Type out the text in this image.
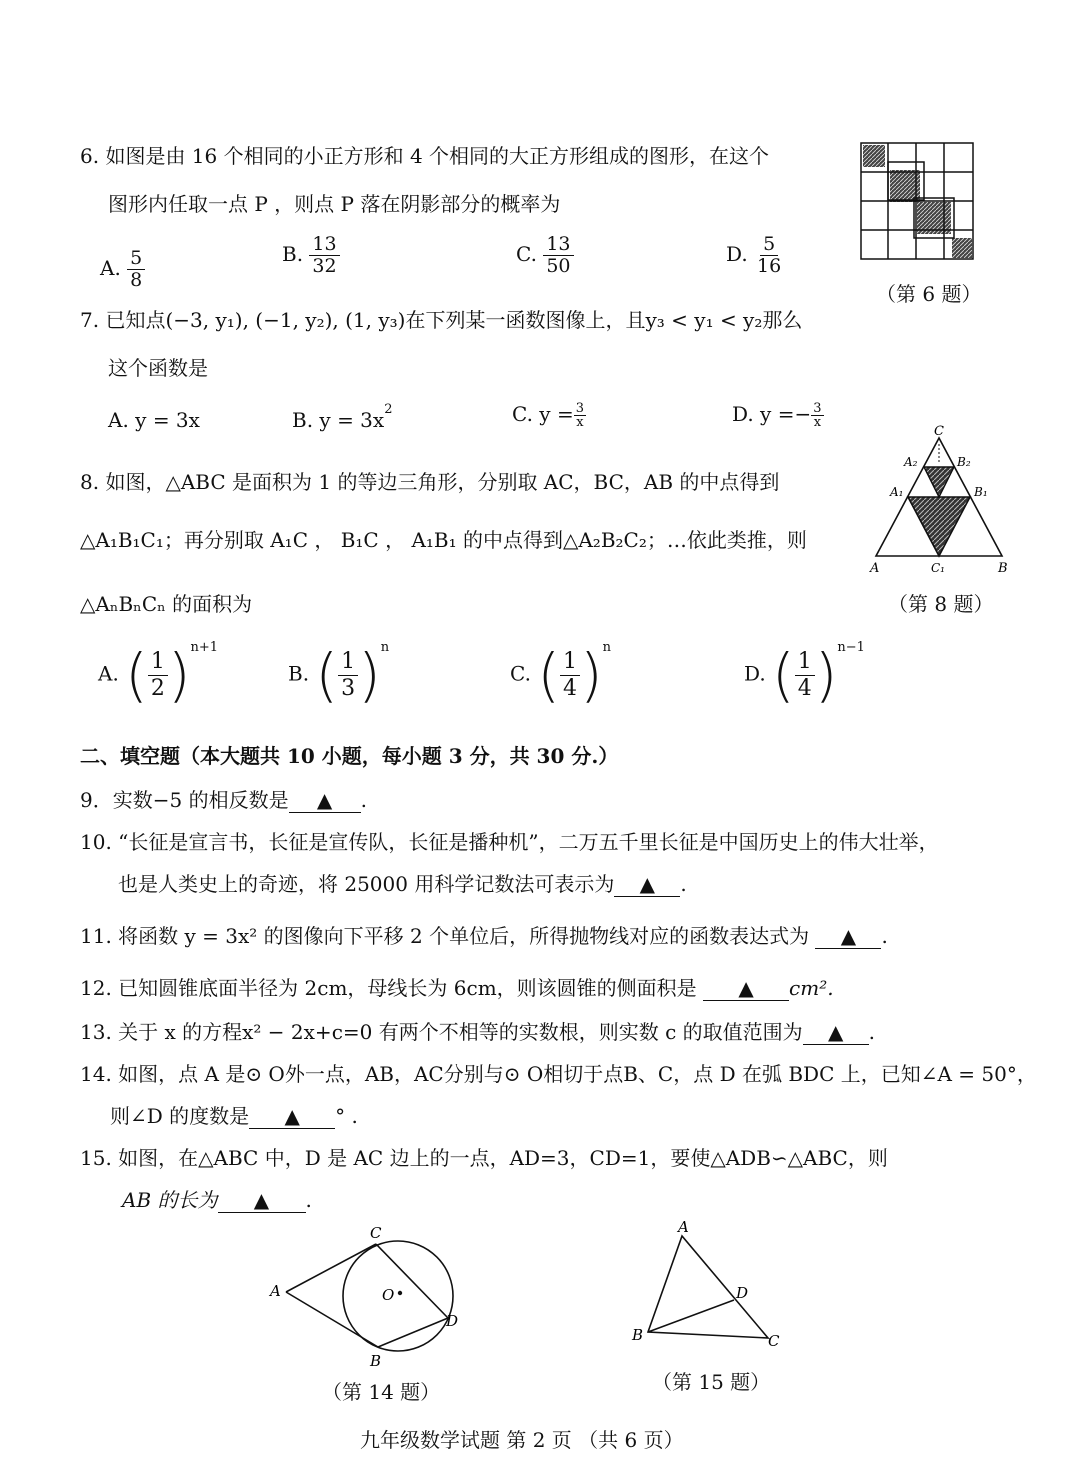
6. 如图是由 16 个相同的小正方形和 4 个相同的大正方形组成的图形，在这个
图形内任取一点 P ，则点 P 落在阴影部分的概率为
A. $\frac{5}{8}$	B. $\frac{13}{32}$	C. $\frac{13}{50}$	D. $\frac{5}{16}$
（第 6 题）
7. 已知点(−3, y₁), (−1, y₂), (1, y₃)在下列某一函数图像上，且y₃ < y₁ < y₂那么
这个函数是
A. y = 3x	B. $y = 3x^2$	C. $y = \frac{3}{x}$	D. $y =- \frac{3}{x}$
8. 如图，△ABC 是面积为 1 的等边三角形，分别取 AC，BC，AB 的中点得到
△A₁B₁C₁；再分别取 A₁C ， B₁C ， A₁B₁ 的中点得到△A₂B₂C₂；…依此类推，则
△AₙBₙCₙ 的面积为
A. ( $\frac{1}{2} )^{n+1}$
B. ( $\frac{1}{3} )^n$
C. ( $\frac{1}{4} )^n$
D. ( $\frac{1}{4} )^{n-1}$
C
A₂	B₂
A₁	B₁
A	C₁	B
（第 8 题）
二、填空题（本大题共 10 小题，每小题 3 分，共 30 分.）
9．实数−5 的相反数是 ▲ .
10. “长征是宣言书，长征是宣传队，长征是播种机”，二万五千里长征是中国历史上的伟大壮举，
也是人类史上的奇迹，将 25000 用科学记数法可表示为 ▲ .
11. 将函数 y = 3x² 的图像向下平移 2 个单位后，所得抛物线对应的函数表达式为 ▲ .
12. 已知圆锥底面半径为 2cm，母线长为 6cm，则该圆锥的侧面积是 ▲ cm².
13. 关于 x 的方程x² − 2x+c=0 有两个不相等的实数根，则实数 c 的取值范围为 ▲ .
14. 如图，点 A 是⊙ O外一点，AB，AC分别与⊙ O相切于点B、C，点 D 在弧 BDC 上，已知∠A = 50°，
则∠D 的度数是 ▲ ° .
15. 如图，在△ABC 中，D 是 AC 边上的一点，AD=3，CD=1，要使△ADB∽△ABC，则
AB 的长为 ▲ .
A
C
B
D
O
（第 14 题）
A
B	C
D
（第 15 题）
九年级数学试题 第 2 页 （共 6 页）
